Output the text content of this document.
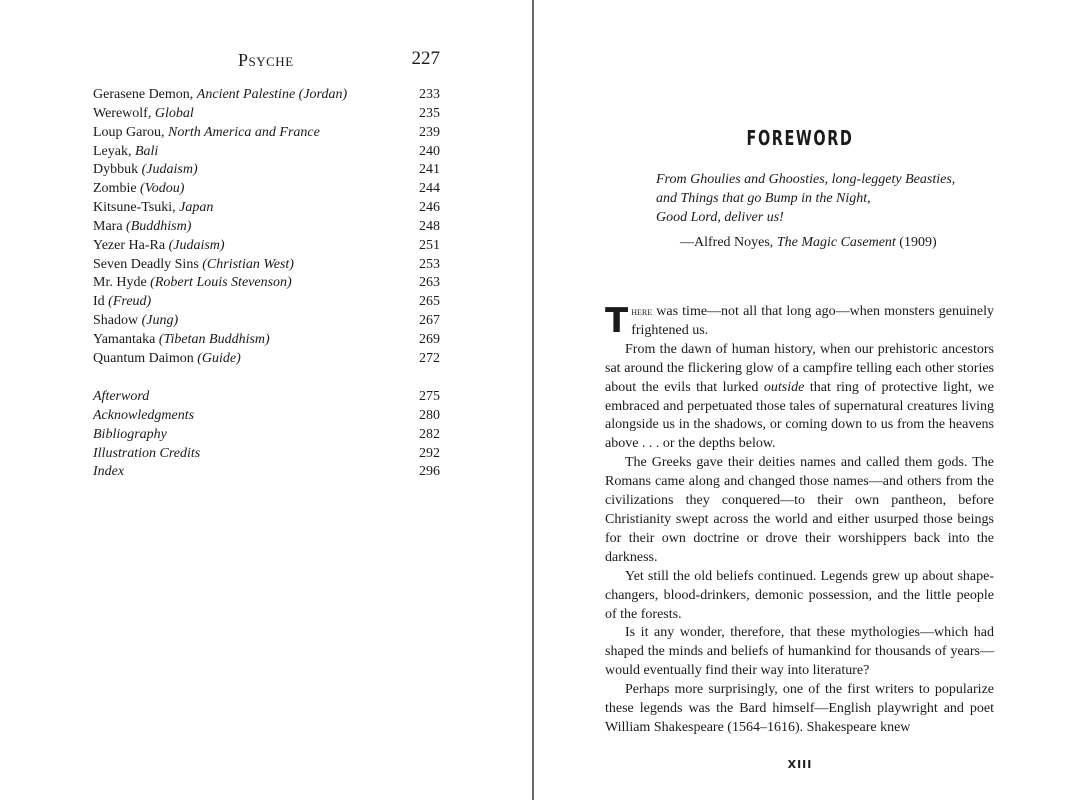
Psyche	227
Gerasene Demon, Ancient Palestine (Jordan)	233
Werewolf, Global	235
Loup Garou, North America and France	239
Leyak, Bali	240
Dybbuk (Judaism)	241
Zombie (Vodou)	244
Kitsune-Tsuki, Japan	246
Mara (Buddhism)	248
Yezer Ha-Ra (Judaism)	251
Seven Deadly Sins (Christian West)	253
Mr. Hyde (Robert Louis Stevenson)	263
Id (Freud)	265
Shadow (Jung)	267
Yamantaka (Tibetan Buddhism)	269
Quantum Daimon (Guide)	272
Afterword	275
Acknowledgments	280
Bibliography	282
Illustration Credits	292
Index	296
FOREWORD
From Ghoulies and Ghoosties, long-leggety Beasties,
and Things that go Bump in the Night,
Good Lord, deliver us!
—Alfred Noyes, The Magic Casement (1909)

There was time—not all that long ago—when monsters genuinely frightened us.

From the dawn of human history, when our prehistoric ancestors sat around the flickering glow of a campfire telling each other stories about the evils that lurked outside that ring of protective light, we embraced and perpetuated those tales of supernatural creatures living alongside us in the shadows, or coming down to us from the heavens above . . . or the depths below.

The Greeks gave their deities names and called them gods. The Romans came along and changed those names—and others from the civilizations they conquered—to their own pantheon, before Christianity swept across the world and either usurped those beings for their own doctrine or drove their worshippers back into the darkness.

Yet still the old beliefs continued. Legends grew up about shape-changers, blood-drinkers, demonic possession, and the little people of the forests.

Is it any wonder, therefore, that these mythologies—which had shaped the minds and beliefs of humankind for thousands of years—would eventually find their way into literature?

Perhaps more surprisingly, one of the first writers to popularize these legends was the Bard himself—English playwright and poet William Shakespeare (1564–1616). Shakespeare knew

XIII
